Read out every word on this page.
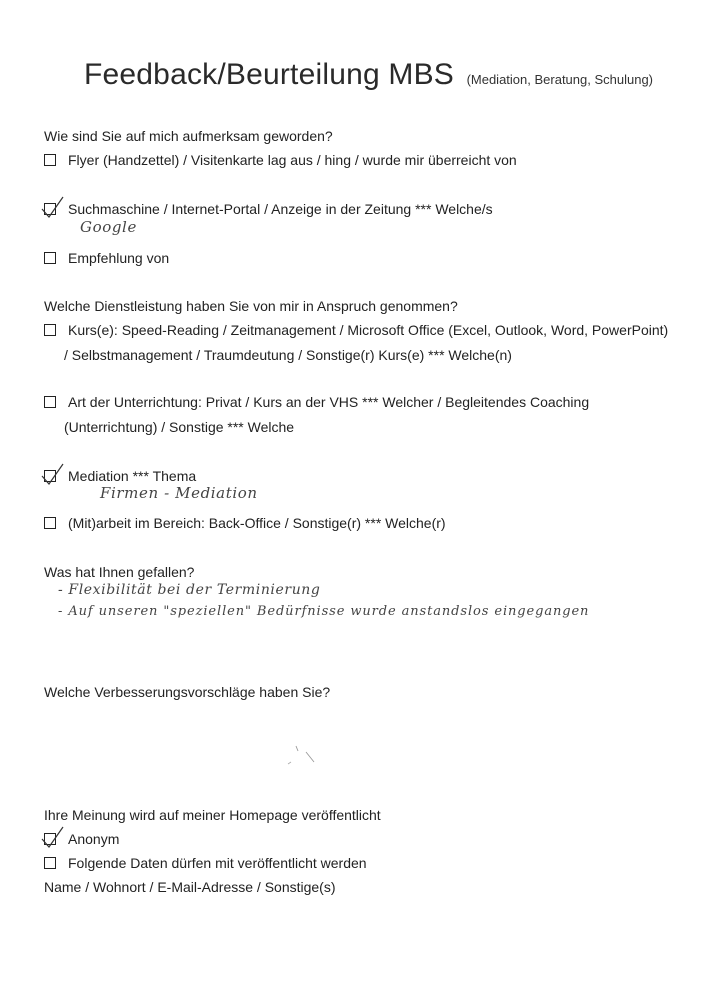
Feedback/Beurteilung MBS (Mediation, Beratung, Schulung)
Wie sind Sie auf mich aufmerksam geworden?
Flyer (Handzettel) / Visitenkarte lag aus / hing / wurde mir überreicht von
Suchmaschine / Internet-Portal / Anzeige in der Zeitung *** Welche/s
Google
Empfehlung von
Welche Dienstleistung haben Sie von mir in Anspruch genommen?
Kurs(e):
Speed-Reading / Zeitmanagement / Microsoft Office (Excel, Outlook, Word, PowerPoint)
/ Selbstmanagement / Traumdeutung / Sonstige(r) Kurs(e) *** Welche(n)
Art der Unterrichtung:
Privat / Kurs an der VHS *** Welcher / Begleitendes Coaching
(Unterrichtung) / Sonstige *** Welche
Mediation *** Thema
Firmen - Mediation
(Mit)arbeit im Bereich: Back-Office / Sonstige(r) *** Welche(r)
Was hat Ihnen gefallen?
- Flexibilität bei der Terminierung
- Auf unseren "speziellen" Bedürfnisse wurde anstandslos eingegangen
Welche Verbesserungsvorschläge haben Sie?
Ihre Meinung wird auf meiner Homepage veröffentlicht
Anonym
Folgende Daten dürfen mit veröffentlicht werden
Name / Wohnort / E-Mail-Adresse / Sonstige(s)
